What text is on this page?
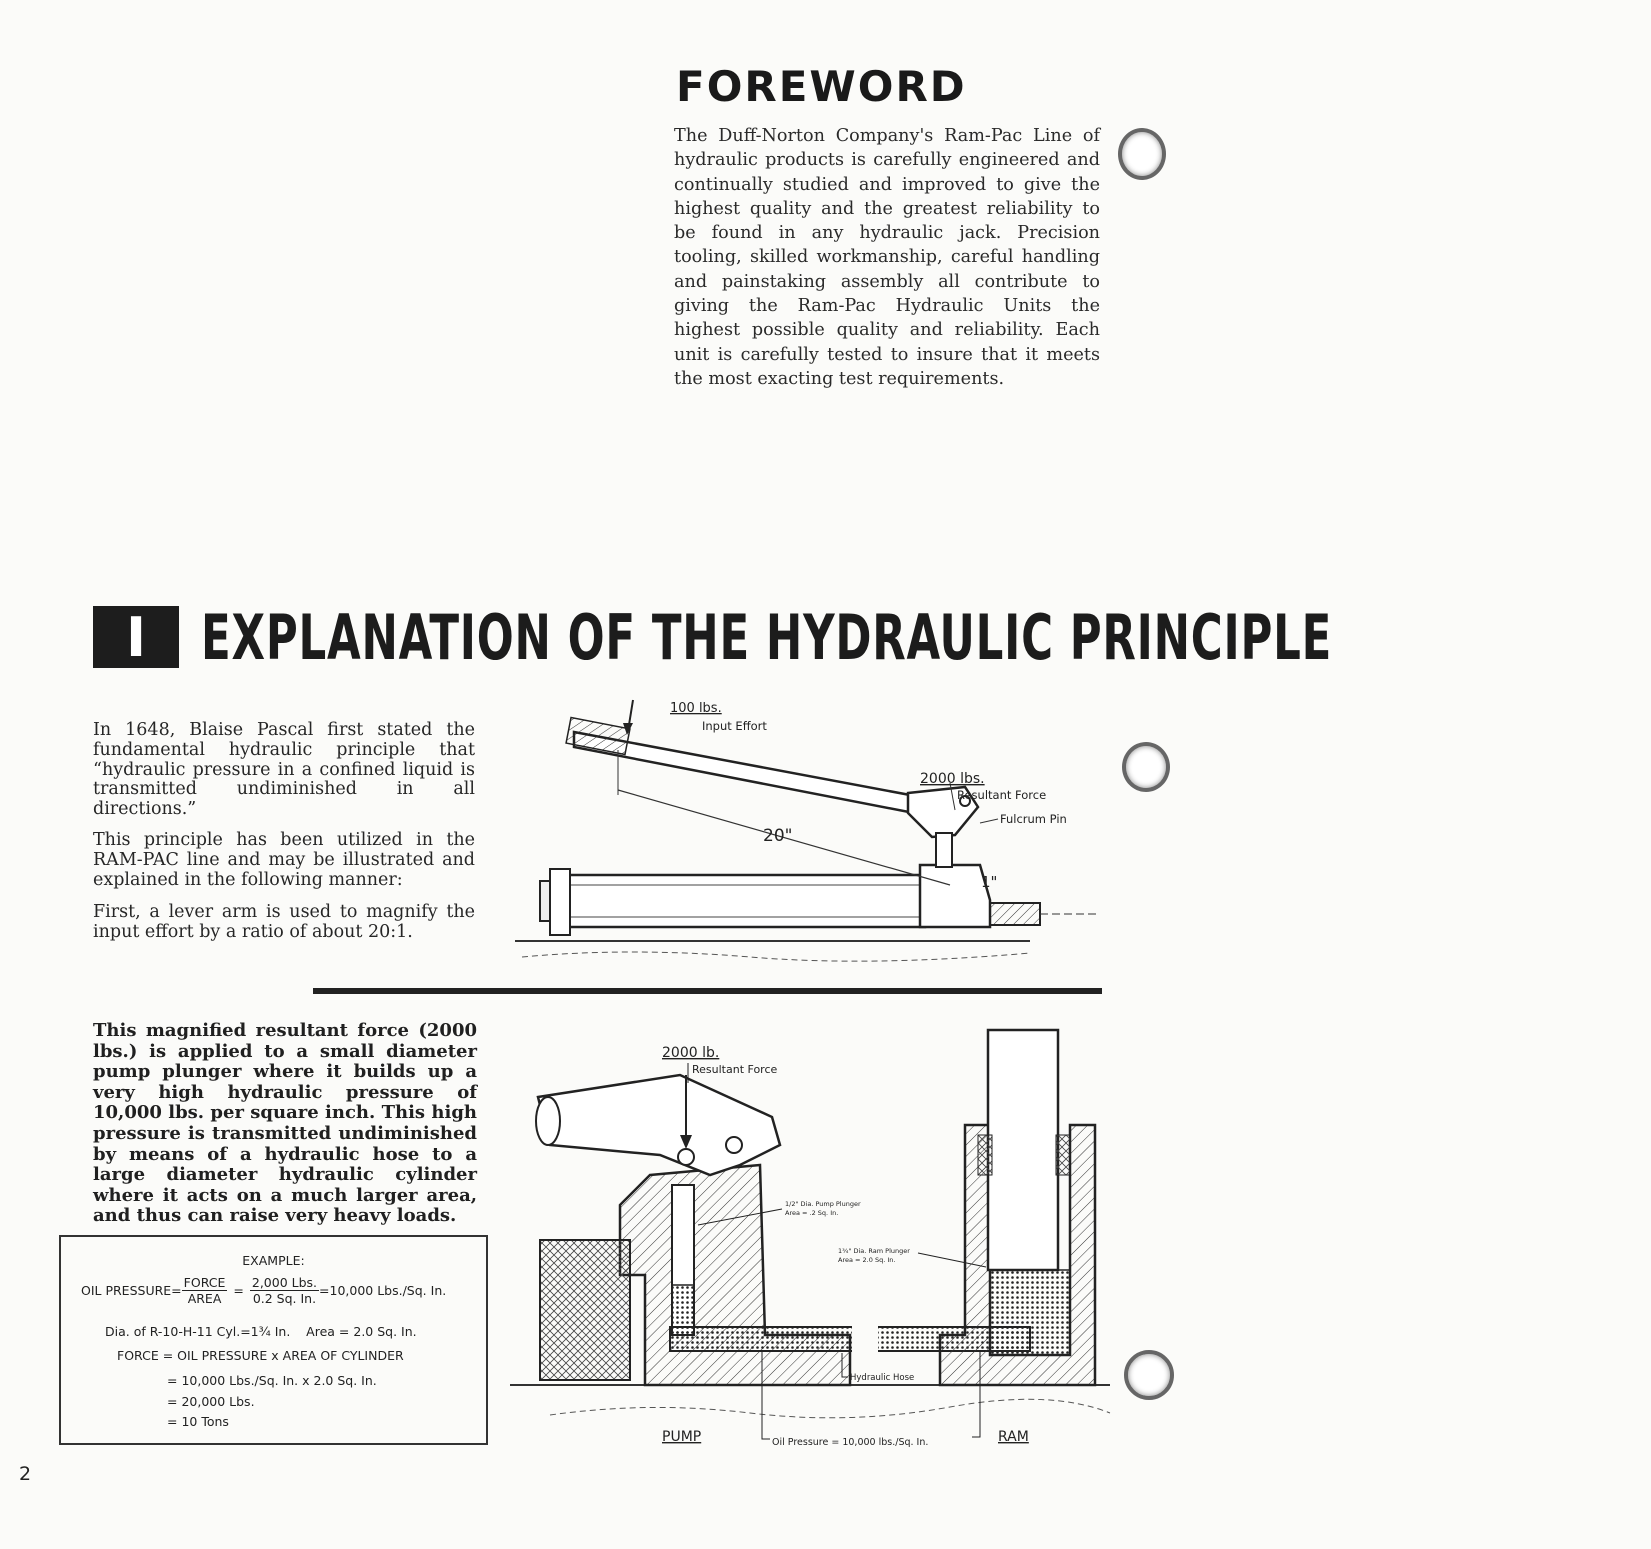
FOREWORD
The Duff-Norton Company's Ram-Pac Line of hydraulic products is carefully engineered and continually studied and improved to give the highest quality and the greatest reliability to be found in any hydraulic jack. Precision tooling, skilled workmanship, careful handling and painstaking assembly all contribute to giving the Ram-Pac Hydraulic Units the highest possible quality and reliability. Each unit is carefully tested to insure that it meets the most exacting test requirements.
I EXPLANATION OF THE HYDRAULIC PRINCIPLE

In 1648, Blaise Pascal first stated the fundamental hydraulic principle that “hydraulic pressure in a confined liquid is transmitted undiminished in all directions.”

This principle has been utilized in the RAM-PAC line and may be illustrated and explained in the following manner:

First, a lever arm is used to magnify the input effort by a ratio of about 20:1.

This magnified resultant force (2000 lbs.) is applied to a small diameter pump plunger where it builds up a very high hydraulic pressure of 10,000 lbs. per square inch. This high pressure is transmitted undiminished by means of a hydraulic hose to a large diameter hydraulic cylinder where it acts on a much larger area, and thus can raise very heavy loads.

20"
1"
100 lbs.
Input Effort
2000 lbs.
Resultant Force
Fulcrum Pin
2000 lb.
Resultant Force
1/2" Dia. Pump Plunger
Area = .2 Sq. In.
1¾" Dia. Ram Plunger
Area = 2.0 Sq. In.
Hydraulic Hose
PUMP	RAM
Oil Pressure = 10,000 lbs./Sq. In.
EXAMPLE:
OIL PRESSURE= $\frac{\text{FORCE}}{\text{AREA}} = \frac{\text{2,000 Lbs.}}{0.2 Sq. In.} =10,000$ Lbs./Sq. In.
Dia. of R-10-H-11 Cyl.=1¾ In.    Area = 2.0 Sq. In.
FORCE = OIL PRESSURE x AREA OF CYLINDER
= 10,000 Lbs./Sq. In. x 2.0 Sq. In.
= 20,000 Lbs.
= 10 Tons
2
